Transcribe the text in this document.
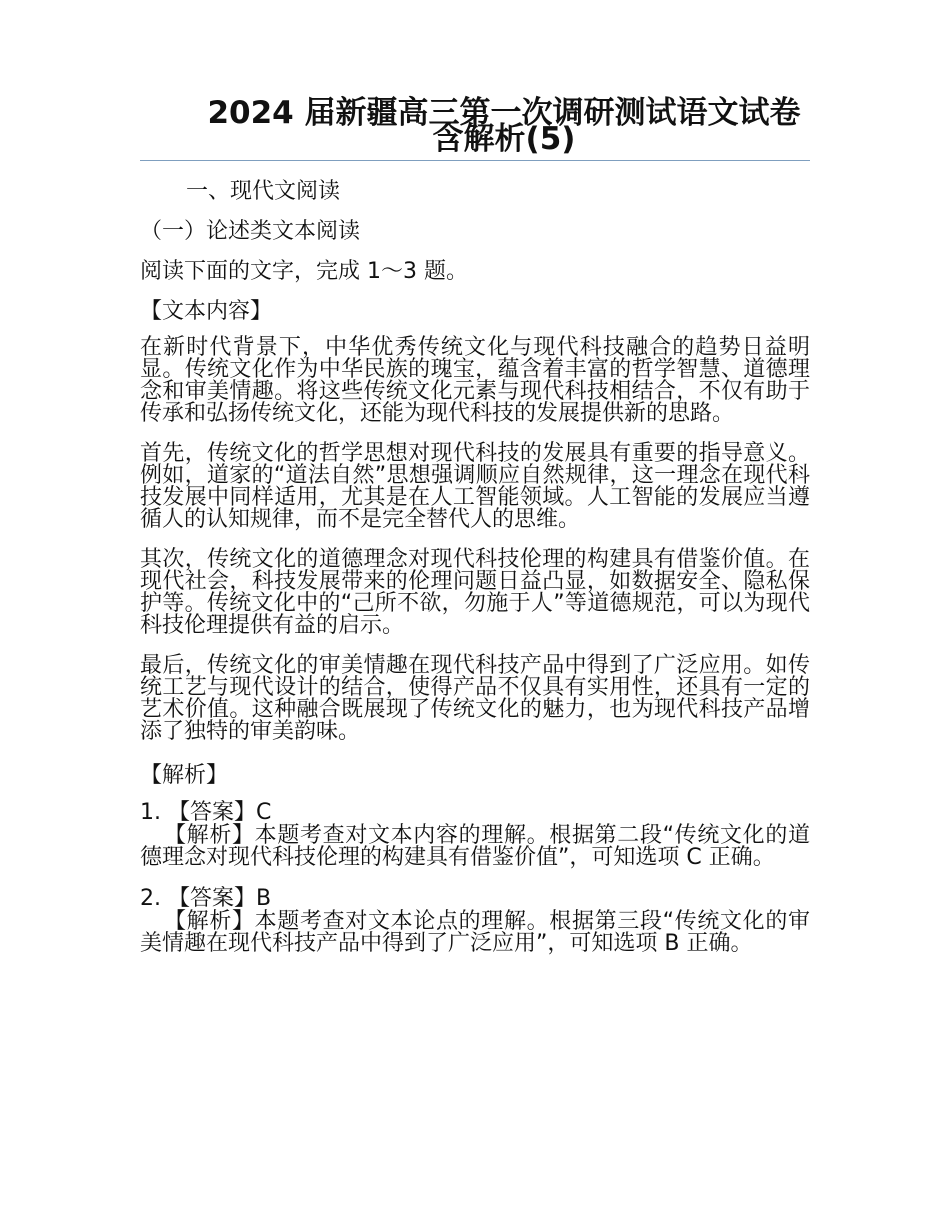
2024 届新疆高三第一次调研测试语文试卷含解析(5)

一、现代文阅读

（一）论述类文本阅读

阅读下面的文字，完成 1～3 题。

【文本内容】

在新时代背景下，中华优秀传统文化与现代科技融合的趋势日益明显。传统文化作为中华民族的瑰宝，蕴含着丰富的哲学智慧、道德理念和审美情趣。将这些传统文化元素与现代科技相结合，不仅有助于传承和弘扬传统文化，还能为现代科技的发展提供新的思路。

首先，传统文化的哲学思想对现代科技的发展具有重要的指导意义。例如，道家的“道法自然”思想强调顺应自然规律，这一理念在现代科技发展中同样适用，尤其是在人工智能领域。人工智能的发展应当遵循人的认知规律，而不是完全替代人的思维。

其次，传统文化的道德理念对现代科技伦理的构建具有借鉴价值。在现代社会，科技发展带来的伦理问题日益凸显，如数据安全、隐私保护等。传统文化中的“己所不欲，勿施于人”等道德规范，可以为现代科技伦理提供有益的启示。

最后，传统文化的审美情趣在现代科技产品中得到了广泛应用。如传统工艺与现代设计的结合，使得产品不仅具有实用性，还具有一定的艺术价值。这种融合既展现了传统文化的魅力，也为现代科技产品增添了独特的审美韵味。

【解析】

1. 【答案】C

【解析】本题考查对文本内容的理解。根据第二段“传统文化的道德理念对现代科技伦理的构建具有借鉴价值”，可知选项 C 正确。

2. 【答案】B

【解析】本题考查对文本论点的理解。根据第三段“传统文化的审美情趣在现代科技产品中得到了广泛应用”，可知选项 B 正确。
